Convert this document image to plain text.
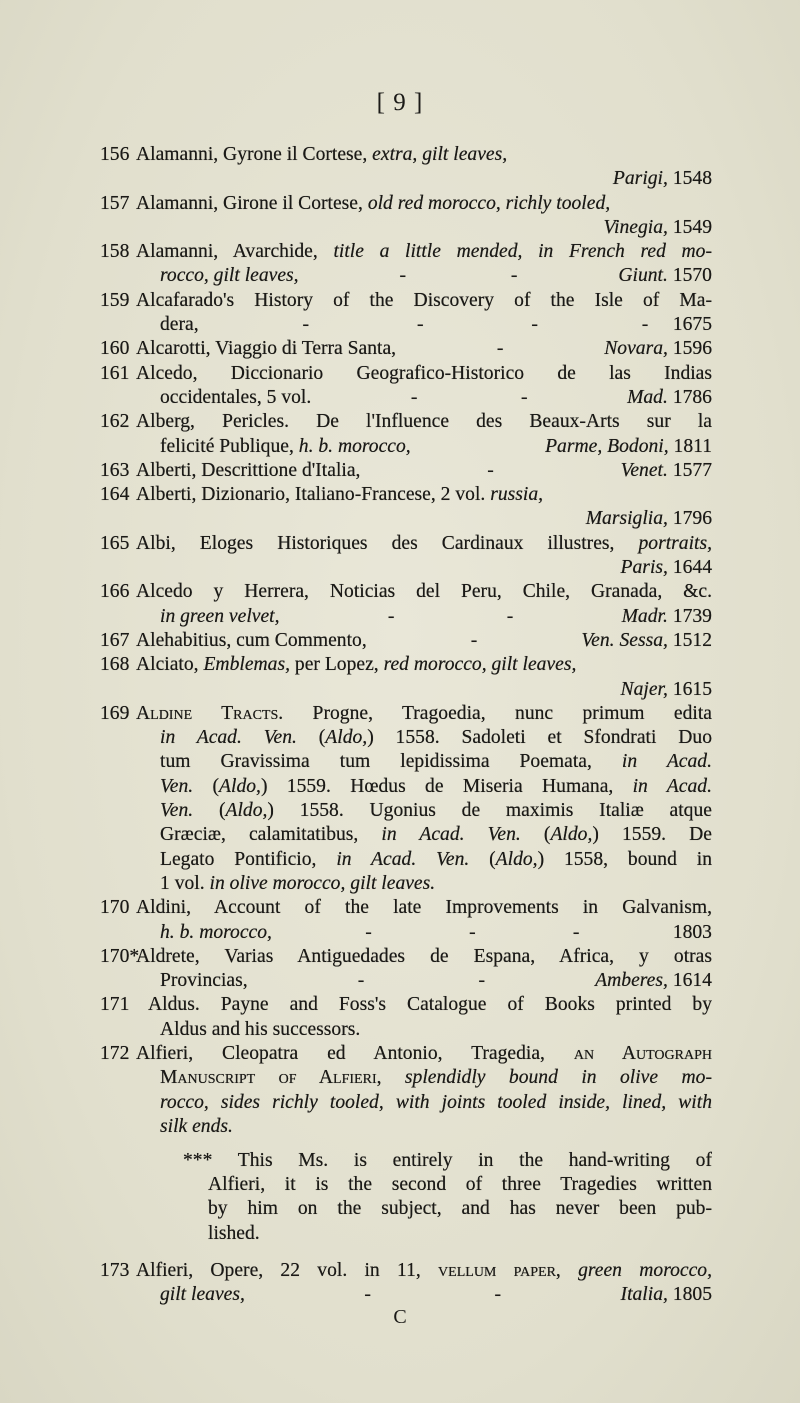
[ 9 ]
156 Alamanni, Gyrone il Cortese, extra, gilt leaves,
Parigi, 1548
157 Alamanni, Girone il Cortese, old red morocco, richly tooled,
Vinegia, 1549
158 Alamanni, Avarchide, title a little mended, in French red mo-
rocco, gilt leaves,	-	-	Giunt. 1570
159 Alcafarado's History of the Discovery of the Isle of Ma-
dera,	-	-	-	-     1675
160 Alcarotti, Viaggio di Terra Santa,	-	Novara, 1596
161 Alcedo, Diccionario Geografico-Historico de las Indias
occidentales, 5 vol.	-	-	Mad. 1786
162 Alberg, Pericles. De l'Influence des Beaux-Arts sur la
felicité Publique, h. b. morocco,	Parme, Bodoni, 1811
163 Alberti, Descrittione d'Italia,	-	Venet. 1577
164 Alberti, Dizionario, Italiano-Francese, 2 vol. russia,
Marsiglia, 1796
165 Albi, Eloges Historiques des Cardinaux illustres, portraits,
Paris, 1644
166 Alcedo y Herrera, Noticias del Peru, Chile, Granada, &c.
in green velvet,	-	-	Madr. 1739
167 Alehabitius, cum Commento,	-	Ven. Sessa, 1512
168 Alciato, Emblemas, per Lopez, red morocco, gilt leaves,
Najer, 1615
169 Aldine Tracts. Progne, Tragoedia, nunc primum edita
in Acad. Ven. (Aldo,) 1558. Sadoleti et Sfondrati Duo
tum Gravissima tum lepidissima Poemata, in Acad.
Ven. (Aldo,) 1559. Hœdus de Miseria Humana, in Acad.
Ven. (Aldo,) 1558. Ugonius de maximis Italiæ atque
Græciæ, calamitatibus, in Acad. Ven. (Aldo,) 1559. De
Legato Pontificio, in Acad. Ven. (Aldo,) 1558, bound in
1 vol. in olive morocco, gilt leaves.
170 Aldini, Account of the late Improvements in Galvanism,
h. b. morocco,	-	-	-	1803
170*
Aldrete, Varias Antiguedades de Espana, Africa, y otras
Provincias,	-	-	Amberes, 1614
171 Aldus. Payne and Foss's Catalogue of Books printed by
Aldus and his successors.
172 Alfieri, Cleopatra ed Antonio, Tragedia, an Autograph
Manuscript of Alfieri, splendidly bound in olive mo-
rocco, sides richly tooled, with joints tooled inside, lined, with
silk ends.
*** This Ms. is entirely in the hand-writing of
Alfieri, it is the second of three Tragedies written
by him on the subject, and has never been pub-
lished.
173 Alfieri, Opere, 22 vol. in 11, vellum paper, green morocco,
gilt leaves,	-	-	Italia, 1805
C
